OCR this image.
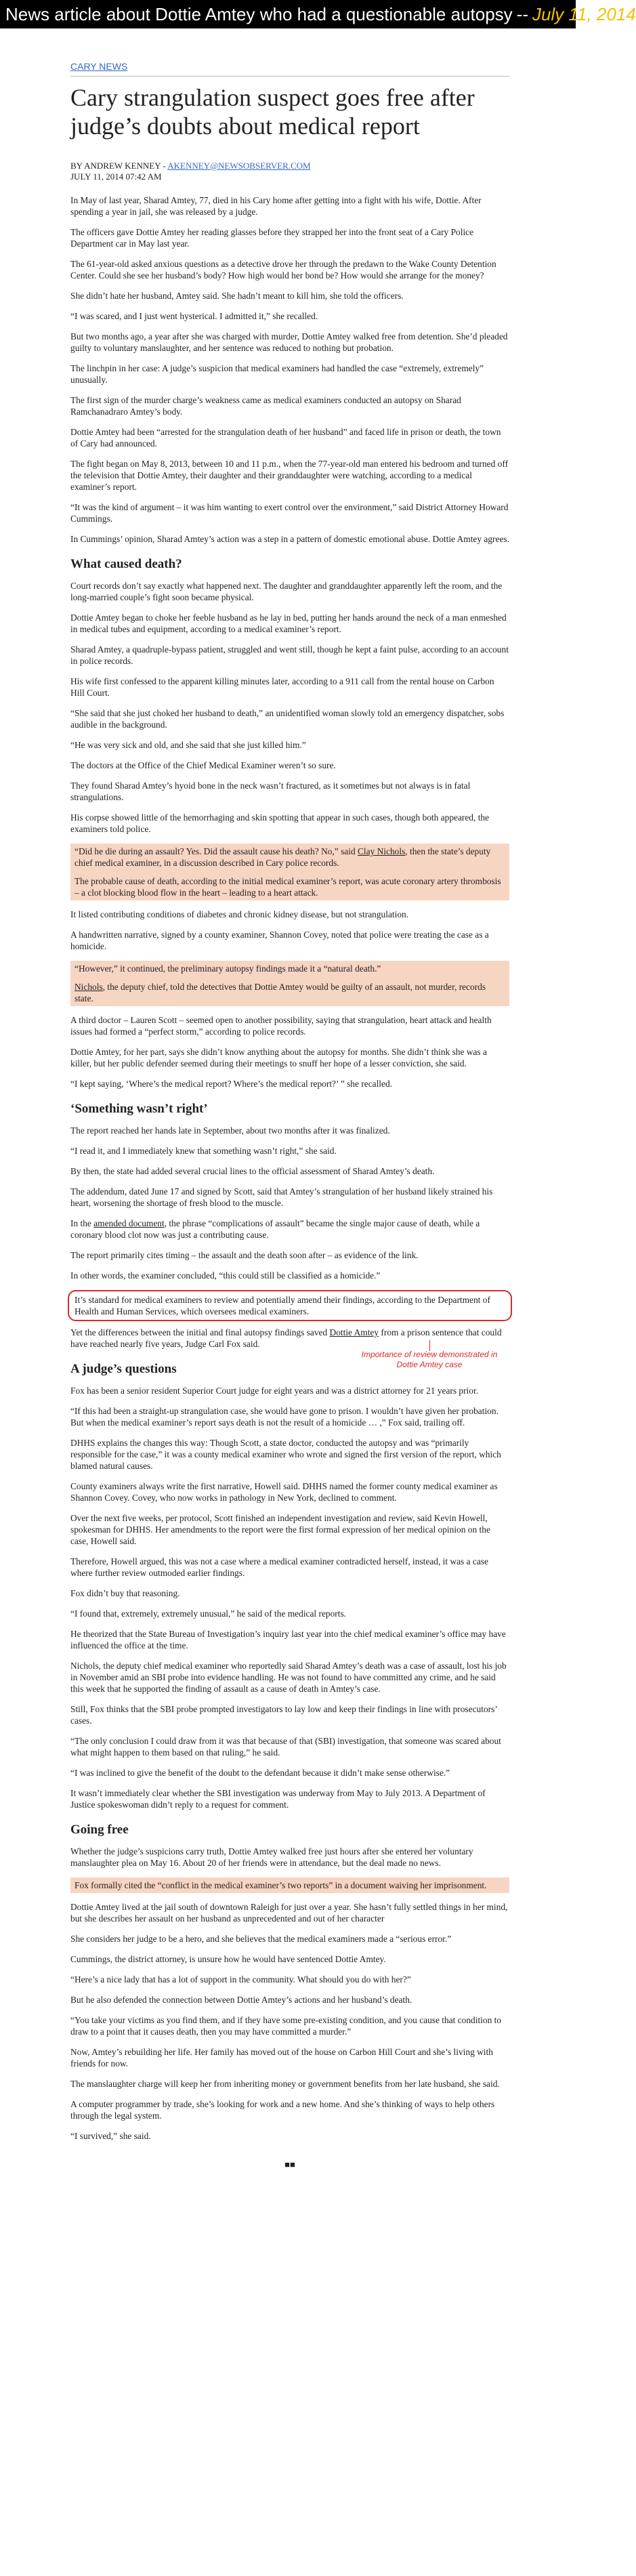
News article about Dottie Amtey who had a questionable autopsy -- July 11, 2014
CARY NEWS
Cary strangulation suspect goes free after judge’s doubts about medical report

BY ANDREW KENNEY - AKENNEY@NEWSOBSERVER.COM

JULY 11, 2014 07:42 AM

In May of last year, Sharad Amtey, 77, died in his Cary home after getting into a fight with his wife, Dottie. After spending a year in jail, she was released by a judge.

The officers gave Dottie Amtey her reading glasses before they strapped her into the front seat of a Cary Police Department car in May last year.

The 61-year-old asked anxious questions as a detective drove her through the predawn to the Wake County Detention Center. Could she see her husband’s body? How high would her bond be? How would she arrange for the money?

She didn’t hate her husband, Amtey said. She hadn’t meant to kill him, she told the officers.

“I was scared, and I just went hysterical. I admitted it,” she recalled.

But two months ago, a year after she was charged with murder, Dottie Amtey walked free from detention. She’d pleaded guilty to voluntary manslaughter, and her sentence was reduced to nothing but probation.

The linchpin in her case: A judge’s suspicion that medical examiners had handled the case “extremely, extremely” unusually.

The first sign of the murder charge’s weakness came as medical examiners conducted an autopsy on Sharad Ramchanadraro Amtey’s body.

Dottie Amtey had been “arrested for the strangulation death of her husband” and faced life in prison or death, the town of Cary had announced.

The fight began on May 8, 2013, between 10 and 11 p.m., when the 77-year-old man entered his bedroom and turned off the television that Dottie Amtey, their daughter and their granddaughter were watching, according to a medical examiner’s report.

“It was the kind of argument – it was him wanting to exert control over the environment,” said District Attorney Howard Cummings.

In Cummings’ opinion, Sharad Amtey’s action was a step in a pattern of domestic emotional abuse. Dottie Amtey agrees.

What caused death?

Court records don’t say exactly what happened next. The daughter and granddaughter apparently left the room, and the long-married couple’s fight soon became physical.

Dottie Amtey began to choke her feeble husband as he lay in bed, putting her hands around the neck of a man enmeshed in medical tubes and equipment, according to a medical examiner’s report.

Sharad Amtey, a quadruple-bypass patient, struggled and went still, though he kept a faint pulse, according to an account in police records.

His wife first confessed to the apparent killing minutes later, according to a 911 call from the rental house on Carbon Hill Court.

“She said that she just choked her husband to death,” an unidentified woman slowly told an emergency dispatcher, sobs audible in the background.

“He was very sick and old, and she said that she just killed him.”

The doctors at the Office of the Chief Medical Examiner weren’t so sure.

They found Sharad Amtey’s hyoid bone in the neck wasn’t fractured, as it sometimes but not always is in fatal strangulations.

His corpse showed little of the hemorrhaging and skin spotting that appear in such cases, though both appeared, the examiners told police.

“Did he die during an assault? Yes. Did the assault cause his death? No,” said Clay Nichols, then the state’s deputy chief medical examiner, in a discussion described in Cary police records.

The probable cause of death, according to the initial medical examiner’s report, was acute coronary artery thrombosis – a clot blocking blood flow in the heart – leading to a heart attack.

It listed contributing conditions of diabetes and chronic kidney disease, but not strangulation.

A handwritten narrative, signed by a county examiner, Shannon Covey, noted that police were treating the case as a homicide.

“However,” it continued, the preliminary autopsy findings made it a “natural death.”

Nichols, the deputy chief, told the detectives that Dottie Amtey would be guilty of an assault, not murder, records state.

A third doctor – Lauren Scott – seemed open to another possibility, saying that strangulation, heart attack and health issues had formed a “perfect storm,” according to police records.

Dottie Amtey, for her part, says she didn’t know anything about the autopsy for months. She didn’t think she was a killer, but her public defender seemed during their meetings to snuff her hope of a lesser conviction, she said.

“I kept saying, ‘Where’s the medical report? Where’s the medical report?’ ” she recalled.

‘Something wasn’t right’

The report reached her hands late in September, about two months after it was finalized.

“I read it, and I immediately knew that something wasn’t right,” she said.

By then, the state had added several crucial lines to the official assessment of Sharad Amtey’s death.

The addendum, dated June 17 and signed by Scott, said that Amtey’s strangulation of her husband likely strained his heart, worsening the shortage of fresh blood to the muscle.

In the amended document, the phrase “complications of assault” became the single major cause of death, while a coronary blood clot now was just a contributing cause.

The report primarily cites timing – the assault and the death soon after – as evidence of the link.

In other words, the examiner concluded, “this could still be classified as a homicide.”

It’s standard for medical examiners to review and potentially amend their findings, according to the Department of Health and Human Services, which oversees medical examiners.

Yet the differences between the initial and final autopsy findings saved Dottie Amtey from a prison sentence that could have reached nearly five years, Judge Carl Fox said.

Importance of review demonstrated in Dottie Amtey case
A judge’s questions

Fox has been a senior resident Superior Court judge for eight years and was a district attorney for 21 years prior.

“If this had been a straight-up strangulation case, she would have gone to prison. I wouldn’t have given her probation. But when the medical examiner’s report says death is not the result of a homicide … ,” Fox said, trailing off.

DHHS explains the changes this way: Though Scott, a state doctor, conducted the autopsy and was “primarily responsible for the case,” it was a county medical examiner who wrote and signed the first version of the report, which blamed natural causes.

County examiners always write the first narrative, Howell said. DHHS named the former county medical examiner as Shannon Covey. Covey, who now works in pathology in New York, declined to comment.

Over the next five weeks, per protocol, Scott finished an independent investigation and review, said Kevin Howell, spokesman for DHHS. Her amendments to the report were the first formal expression of her medical opinion on the case, Howell said.

Therefore, Howell argued, this was not a case where a medical examiner contradicted herself, instead, it was a case where further review outmoded earlier findings.

Fox didn’t buy that reasoning.

“I found that, extremely, extremely unusual,” he said of the medical reports.

He theorized that the State Bureau of Investigation’s inquiry last year into the chief medical examiner’s office may have influenced the office at the time.

Nichols, the deputy chief medical examiner who reportedly said Sharad Amtey’s death was a case of assault, lost his job in November amid an SBI probe into evidence handling. He was not found to have committed any crime, and he said this week that he supported the finding of assault as a cause of death in Amtey’s case.

Still, Fox thinks that the SBI probe prompted investigators to lay low and keep their findings in line with prosecutors’ cases.

“The only conclusion I could draw from it was that because of that (SBI) investigation, that someone was scared about what might happen to them based on that ruling,” he said.

“I was inclined to give the benefit of the doubt to the defendant because it didn’t make sense otherwise.”

It wasn’t immediately clear whether the SBI investigation was underway from May to July 2013. A Department of Justice spokeswoman didn’t reply to a request for comment.

Going free

Whether the judge’s suspicions carry truth, Dottie Amtey walked free just hours after she entered her voluntary manslaughter plea on May 16. About 20 of her friends were in attendance, but the deal made no news.

Fox formally cited the “conflict in the medical examiner’s two reports” in a document waiving her imprisonment.

Dottie Amtey lived at the jail south of downtown Raleigh for just over a year. She hasn’t fully settled things in her mind, but she describes her assault on her husband as unprecedented and out of her character

She considers her judge to be a hero, and she believes that the medical examiners made a “serious error.”

Cummings, the district attorney, is unsure how he would have sentenced Dottie Amtey.

“Here’s a nice lady that has a lot of support in the community. What should you do with her?”

But he also defended the connection between Dottie Amtey’s actions and her husband’s death.

“You take your victims as you find them, and if they have some pre-existing condition, and you cause that condition to draw to a point that it causes death, then you may have committed a murder.”

Now, Amtey’s rebuilding her life. Her family has moved out of the house on Carbon Hill Court and she’s living with friends for now.

The manslaughter charge will keep her from inheriting money or government benefits from her late husband, she said.

A computer programmer by trade, she’s looking for work and a new home. And she’s thinking of ways to help others through the legal system.

“I survived,” she said.

■■
